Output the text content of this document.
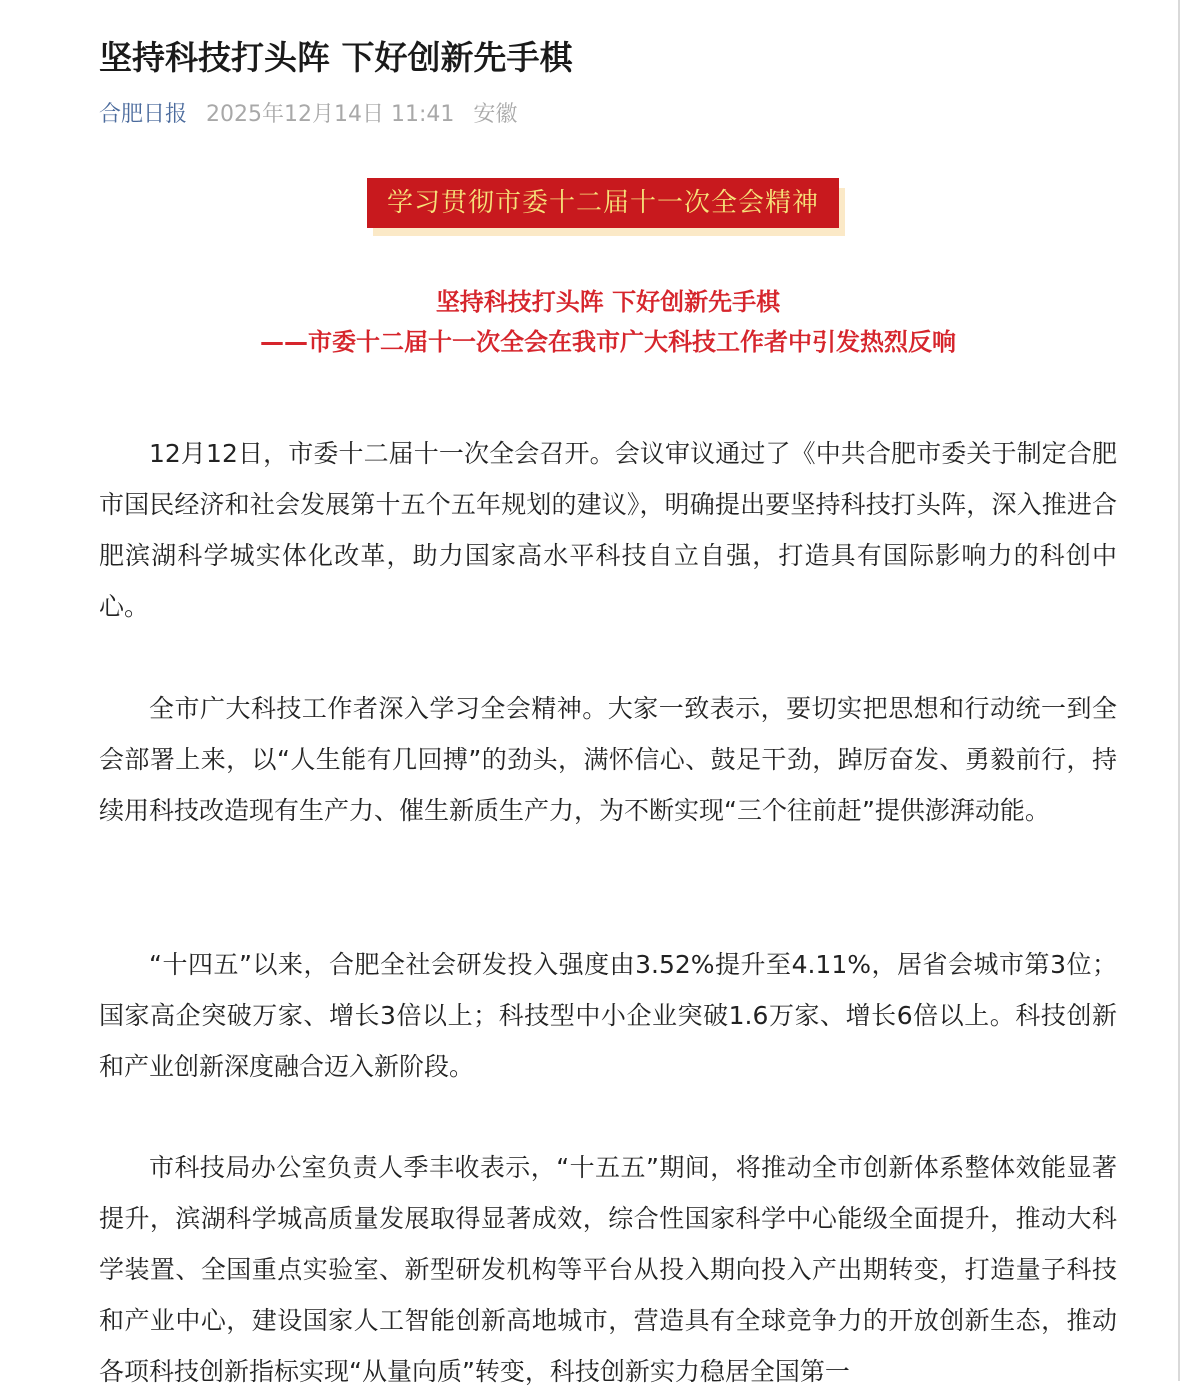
坚持科技打头阵 下好创新先手棋
合肥日报 2025年12月14日 11:41 安徽
学习贯彻市委十二届十一次全会精神
坚持科技打头阵 下好创新先手棋
——市委十二届十一次全会在我市广大科技工作者中引发热烈反响

12月12日，市委十二届十一次全会召开。会议审议通过了《中共合肥市委关于制定合肥市国民经济和社会发展第十五个五年规划的建议》，明确提出要坚持科技打头阵，深入推进合肥滨湖科学城实体化改革，助力国家高水平科技自立自强，打造具有国际影响力的科创中心。

全市广大科技工作者深入学习全会精神。大家一致表示，要切实把思想和行动统一到全会部署上来，以“人生能有几回搏”的劲头，满怀信心、鼓足干劲，踔厉奋发、勇毅前行，持续用科技改造现有生产力、催生新质生产力，为不断实现“三个往前赶”提供澎湃动能。

“十四五”以来，合肥全社会研发投入强度由3.52%提升至4.11%，居省会城市第3位；国家高企突破万家、增长3倍以上；科技型中小企业突破1.6万家、增长6倍以上。科技创新和产业创新深度融合迈入新阶段。

市科技局办公室负责人季丰收表示，“十五五”期间，将推动全市创新体系整体效能显著提升，滨湖科学城高质量发展取得显著成效，综合性国家科学中心能级全面提升，推动大科学装置、全国重点实验室、新型研发机构等平台从投入期向投入产出期转变，打造量子科技和产业中心，建设国家人工智能创新高地城市，营造具有全球竞争力的开放创新生态，推动各项科技创新指标实现“从量向质”转变，科技创新实力稳居全国第一
